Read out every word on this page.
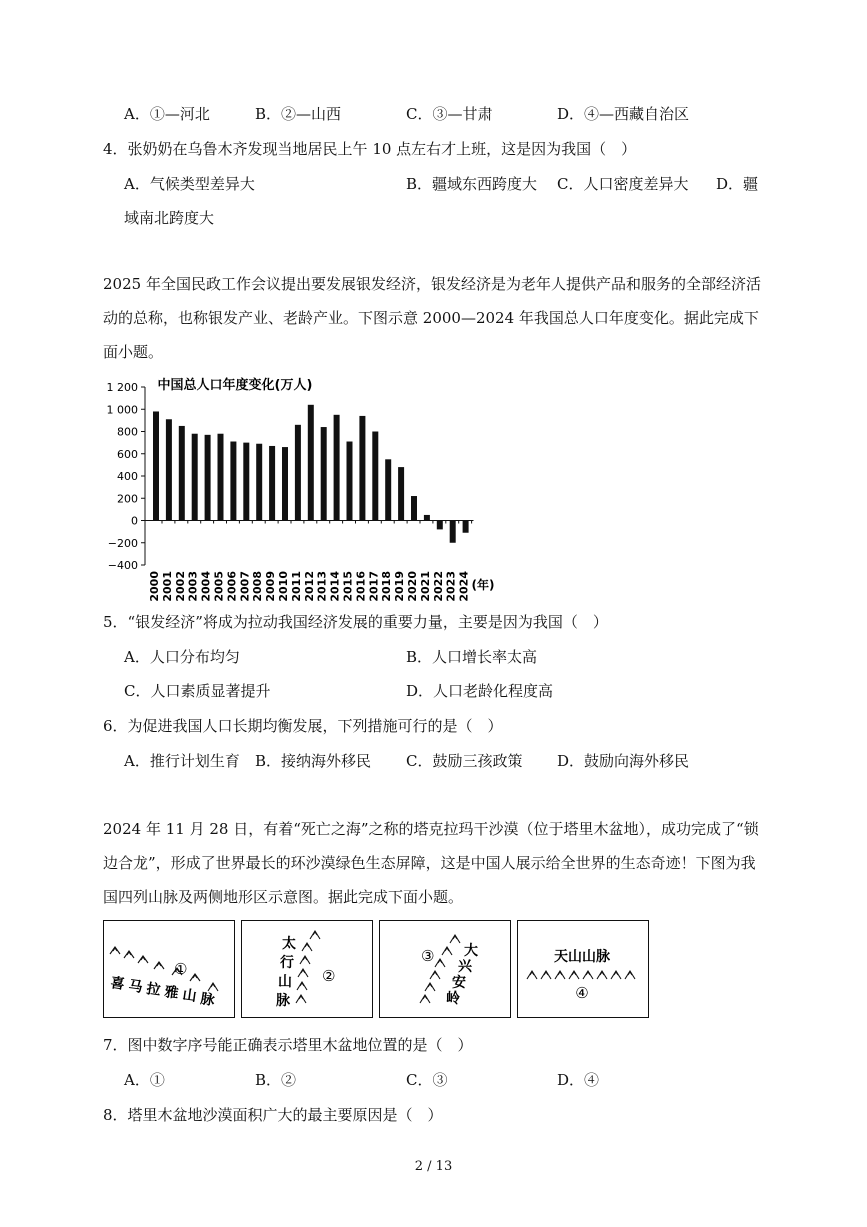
A．①—河北	B．②—山西	C．③—甘肃	D．④—西藏自治区
4．张奶奶在乌鲁木齐发现当地居民上午 10 点左右才上班，这是因为我国（　）
A．气候类型差异大	B．疆域东西跨度大 C．人口密度差异大 D．疆
域南北跨度大
2025 年全国民政工作会议提出要发展银发经济，银发经济是为老年人提供产品和服务的全部经济活动的总称，也称银发产业、老龄产业。下图示意 2000—2024 年我国总人口年度变化。据此完成下面小题。
中国总人口年度变化(万人)
1 200
1 000
800
600
400
200
0
−200
−400
2000 2001 2002 2003 2004 2005 2006 2007 2008 2009 2010 2011 2012 2013 2014 2015 2016 2017 2018 2019 2020 2021 2022 2023 2024 (年)
5．“银发经济”将成为拉动我国经济发展的重要力量，主要是因为我国（　）
A．人口分布均匀	B．人口增长率太高
C．人口素质显著提升	D．人口老龄化程度高
6．为促进我国人口长期均衡发展，下列措施可行的是（　）
A．推行计划生育 B．接纳海外移民 C．鼓励三孩政策 D．鼓励向海外移民
2024 年 11 月 28 日，有着“死亡之海”之称的塔克拉玛干沙漠（位于塔里木盆地），成功完成了“锁边合龙”，形成了世界最长的环沙漠绿色生态屏障，这是中国人展示给全世界的生态奇迹！下图为我国四列山脉及两侧地形区示意图。据此完成下面小题。
①
喜 马 拉 雅 山 脉
②
太
行
山
脉
③ 大
兴
安
岭
天山山脉
④
7．图中数字序号能正确表示塔里木盆地位置的是（　）
A．①	B．②	C．③	D．④
8．塔里木盆地沙漠面积广大的最主要原因是（　）
2 / 13
